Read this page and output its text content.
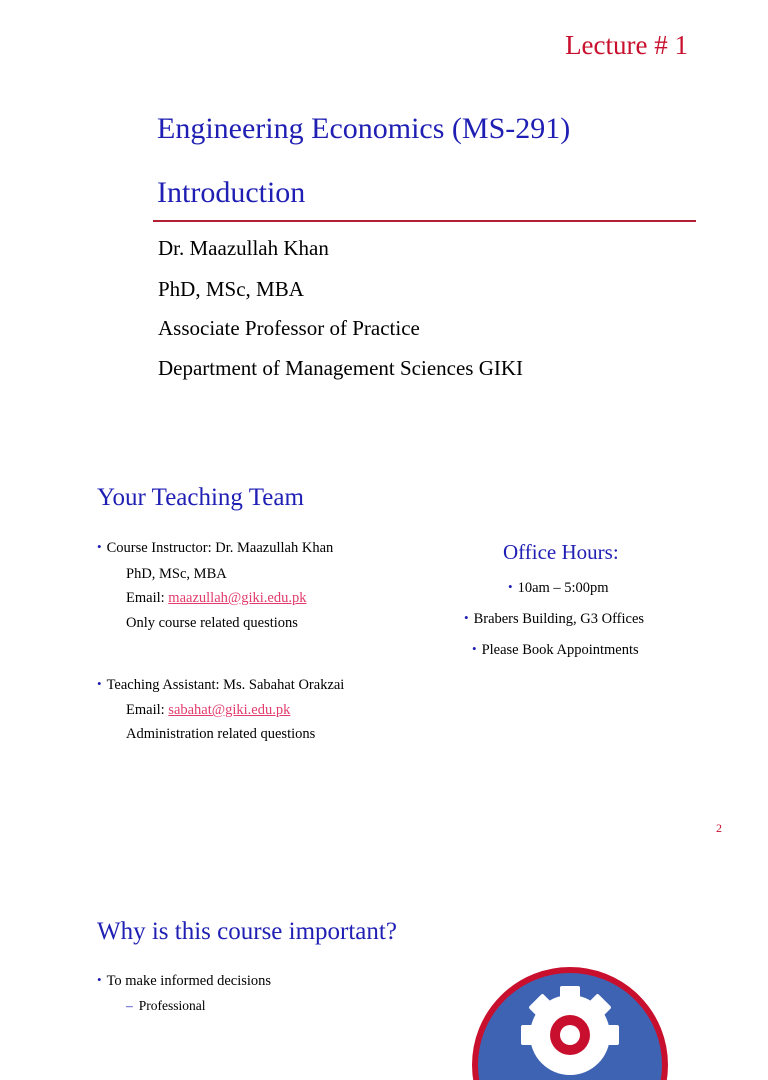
Lecture # 1
Engineering Economics (MS-291)
Introduction
Dr. Maazullah Khan
PhD, MSc, MBA
Associate Professor of Practice
Department of Management Sciences GIKI
Your Teaching Team
• Course Instructor: Dr. Maazullah Khan
PhD, MSc, MBA
Email: maazullah@giki.edu.pk
Only course related questions
• Teaching Assistant: Ms. Sabahat Orakzai
Email: sabahat@giki.edu.pk
Administration related questions
Office Hours:
• 10am – 5:00pm
• Brabers Building, G3 Offices
• Please Book Appointments
2
Why is this course important?
• To make informed decisions
– Professional
